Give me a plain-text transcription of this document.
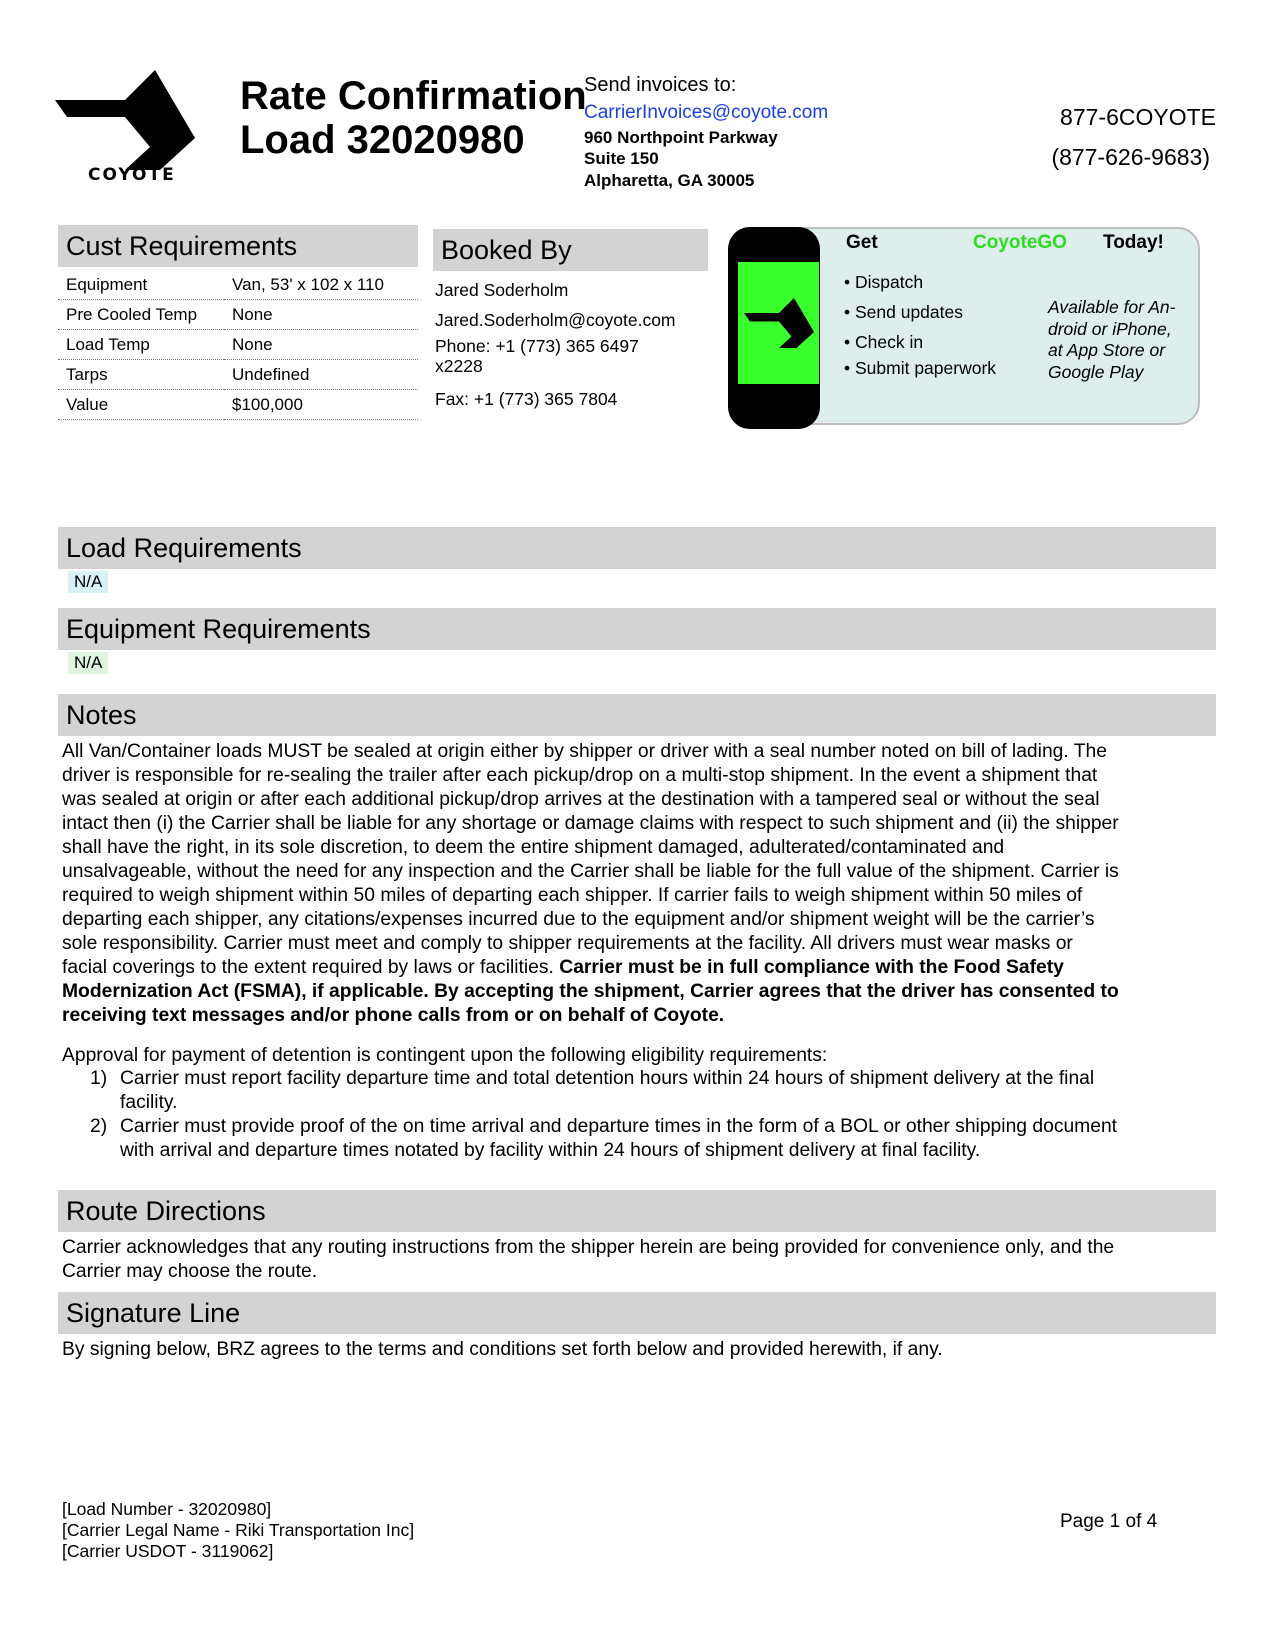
COYOTE
Rate Confirmation
Load 32020980
Send invoices to:
CarrierInvoices@coyote.com
960 Northpoint Parkway
Suite 150
Alpharetta, GA 30005
877-6COYOTE
(877-626-9683)
Cust Requirements
Equipment	Van, 53' x 102 x 110
Pre Cooled Temp	None
Load Temp	None
Tarps	Undefined
Value	$100,000
Booked By
Jared Soderholm
Jared.Soderholm@coyote.com
Phone: +1 (773) 365 6497
x2228
Fax: +1 (773) 365 7804
Get	CoyoteGO Today!
• Dispatch
• Send updates
• Check in
• Submit paperwork
Available for An-
droid or iPhone,
at App Store or
Google Play
Load Requirements
N/A
Equipment Requirements
N/A
Notes
All Van/Container loads MUST be sealed at origin either by shipper or driver with a seal number noted on bill of lading. The
driver is responsible for re-sealing the trailer after each pickup/drop on a multi-stop shipment. In the event a shipment that
was sealed at origin or after each additional pickup/drop arrives at the destination with a tampered seal or without the seal
intact then (i) the Carrier shall be liable for any shortage or damage claims with respect to such shipment and (ii) the shipper
shall have the right, in its sole discretion, to deem the entire shipment damaged, adulterated/contaminated and
unsalvageable, without the need for any inspection and the Carrier shall be liable for the full value of the shipment. Carrier is
required to weigh shipment within 50 miles of departing each shipper. If carrier fails to weigh shipment within 50 miles of
departing each shipper, any citations/expenses incurred due to the equipment and/or shipment weight will be the carrier’s
sole responsibility. Carrier must meet and comply to shipper requirements at the facility. All drivers must wear masks or
facial coverings to the extent required by laws or facilities. Carrier must be in full compliance with the Food Safety
Modernization Act (FSMA), if applicable. By accepting the shipment, Carrier agrees that the driver has consented to
receiving text messages and/or phone calls from or on behalf of Coyote.
Approval for payment of detention is contingent upon the following eligibility requirements:
1) Carrier must report facility departure time and total detention hours within 24 hours of shipment delivery at the final
facility.
2) Carrier must provide proof of the on time arrival and departure times in the form of a BOL or other shipping document
with arrival and departure times notated by facility within 24 hours of shipment delivery at final facility.
Route Directions
Carrier acknowledges that any routing instructions from the shipper herein are being provided for convenience only, and the
Carrier may choose the route.
Signature Line
By signing below, BRZ agrees to the terms and conditions set forth below and provided herewith, if any.
[Load Number - 32020980]
[Carrier Legal Name - Riki Transportation Inc]
[Carrier USDOT - 3119062]
Page 1 of 4
